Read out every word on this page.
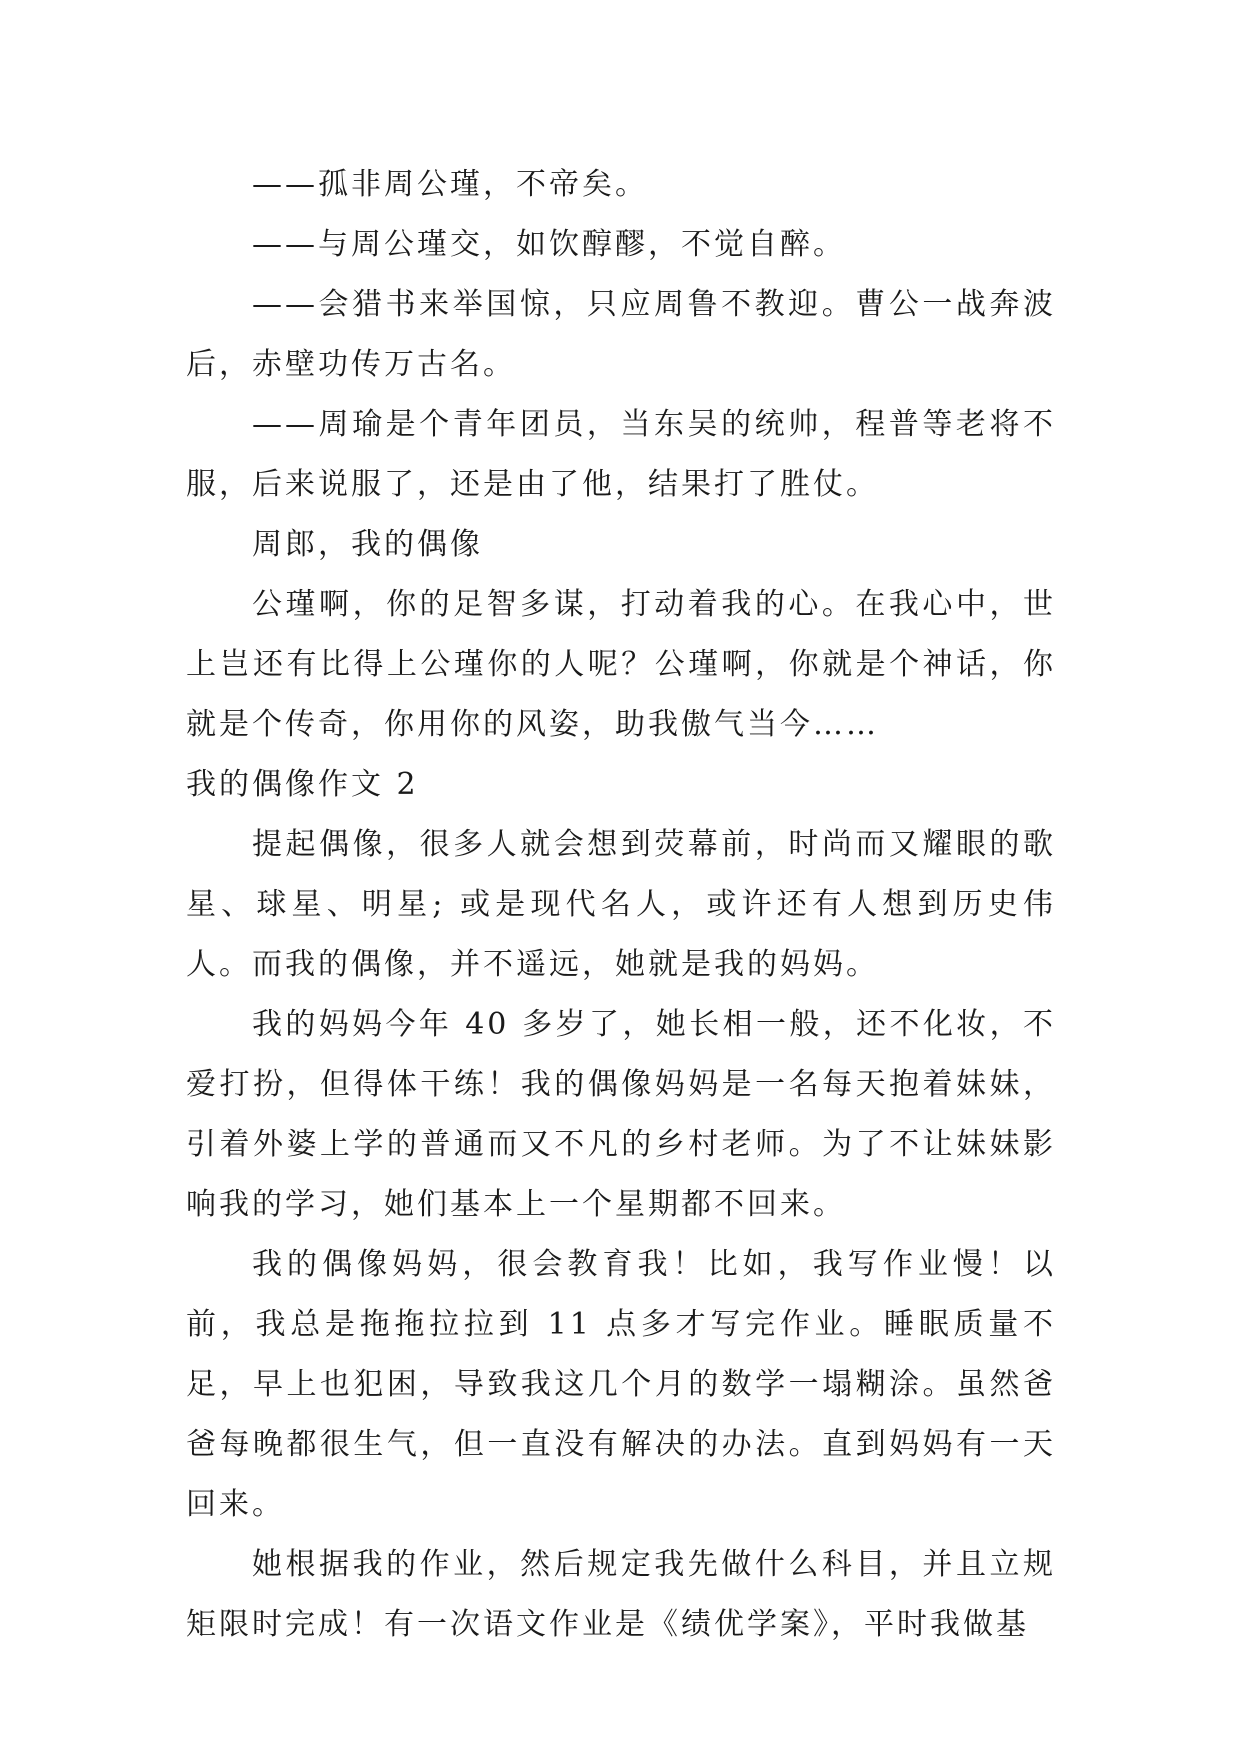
——孤非周公瑾，不帝矣。

——与周公瑾交，如饮醇醪，不觉自醉。

——会猎书来举国惊，只应周鲁不教迎。曹公一战奔波后，赤壁功传万古名。

——周瑜是个青年团员，当东吴的统帅，程普等老将不服，后来说服了，还是由了他，结果打了胜仗。

周郎，我的偶像

公瑾啊，你的足智多谋，打动着我的心。在我心中，世上岂还有比得上公瑾你的人呢？公瑾啊，你就是个神话，你就是个传奇，你用你的风姿，助我傲气当今……

我的偶像作文 2

提起偶像，很多人就会想到荧幕前，时尚而又耀眼的歌星、球星、明星; 或是现代名人，或许还有人想到历史伟人。而我的偶像，并不遥远，她就是我的妈妈。

我的妈妈今年 40 多岁了，她长相一般，还不化妆，不爱打扮，但得体干练！我的偶像妈妈是一名每天抱着妹妹，引着外婆上学的普通而又不凡的乡村老师。为了不让妹妹影响我的学习，她们基本上一个星期都不回来。

我的偶像妈妈，很会教育我！比如，我写作业慢！以前，我总是拖拖拉拉到 11 点多才写完作业。睡眠质量不足，早上也犯困，导致我这几个月的数学一塌糊涂。虽然爸爸每晚都很生气，但一直没有解决的办法。直到妈妈有一天回来。

她根据我的作业，然后规定我先做什么科目，并且立规矩限时完成！有一次语文作业是《绩优学案》，平时我做基
